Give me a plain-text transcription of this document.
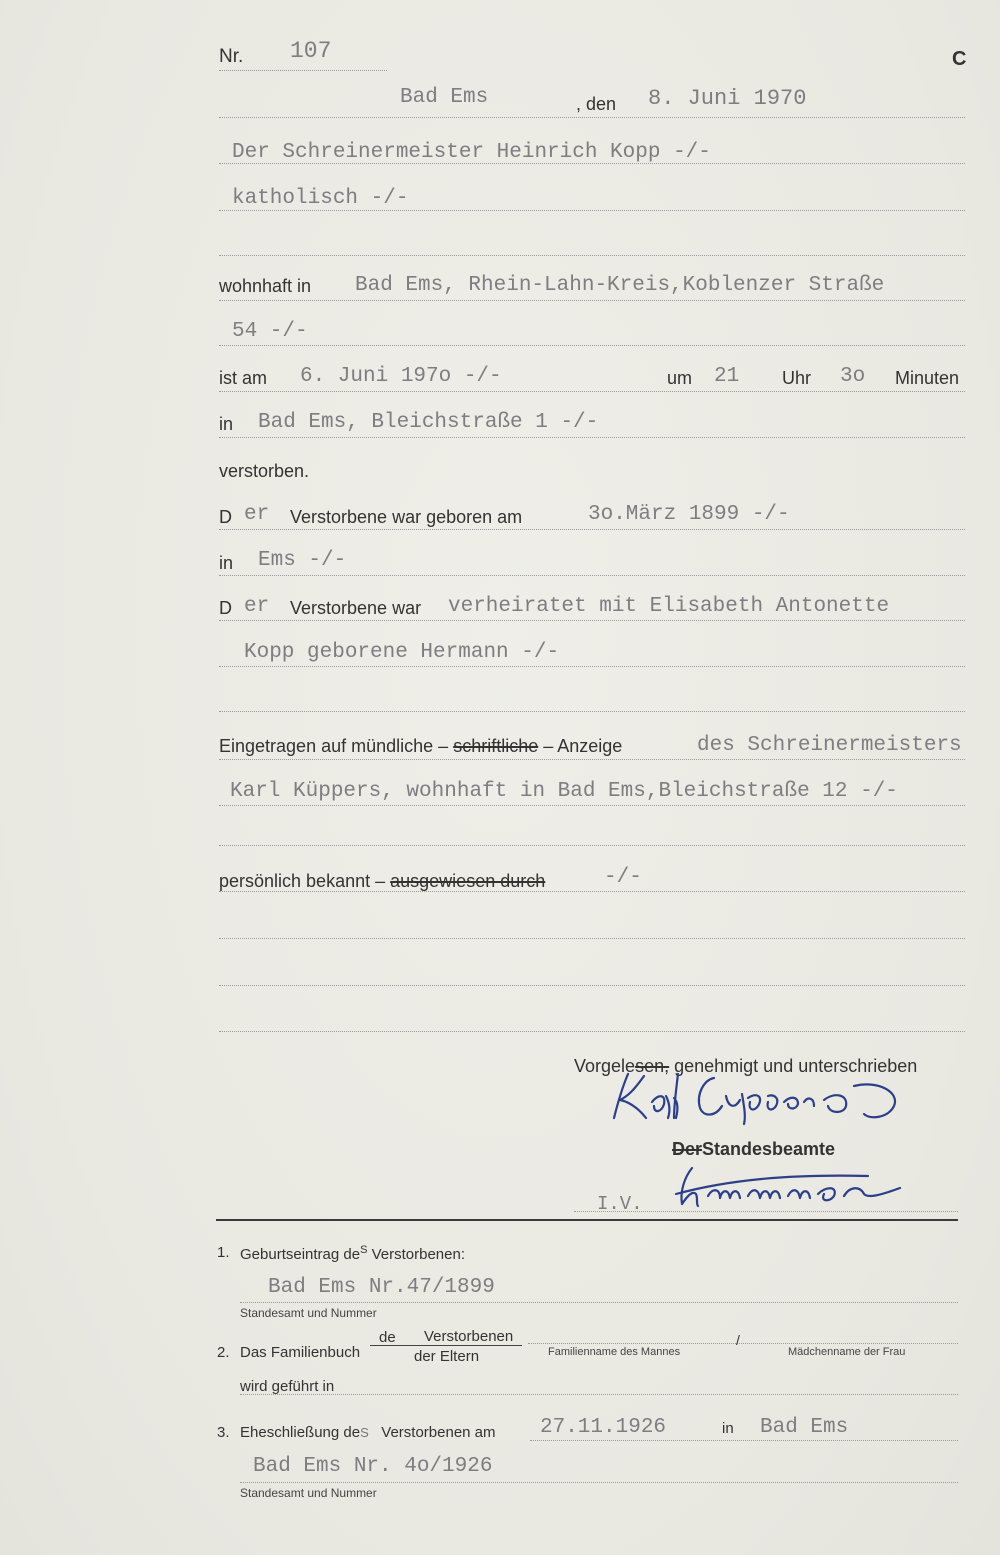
Nr. 107	C
Bad Ems	, den 8. Juni 1970
Der Schreinermeister Heinrich Kopp -/-
katholisch -/-
wohnhaft in Bad Ems, Rhein-Lahn-Kreis,Koblenzer Straße
54 -/-
ist am 6. Juni 197o -/-	um 21 Uhr 3o Minuten
in Bad Ems, Bleichstraße 1 -/-
verstorben.
D er Verstorbene war geboren am	3o.März 1899 -/-
in Ems -/-
D er Verstorbene war verheiratet mit Elisabeth Antonette
Kopp geborene Hermann -/-
Eingetragen auf mündliche – schriftliche – Anzeige	des Schreinermeisters
Karl Küppers, wohnhaft in Bad Ems,Bleichstraße 12 -/-
persönlich bekannt – ausgewiesen durch	-/-
Vorgelesen, genehmigt und unterschrieben
DerStandesbeamte
I.V.
1. Geburtseintrag $de^S$ Verstorbenen:
Bad Ems Nr.47/1899
Standesamt und Nummer
2. Das Familienbuch
de Verstorbenen
der Eltern	Familienname des Mannes
/
Mädchenname der Frau
wird geführt in
3. Eheschließung deS Verstorbenen am 27.11.1926	in Bad Ems
Bad Ems Nr. 4o/1926
Standesamt und Nummer
